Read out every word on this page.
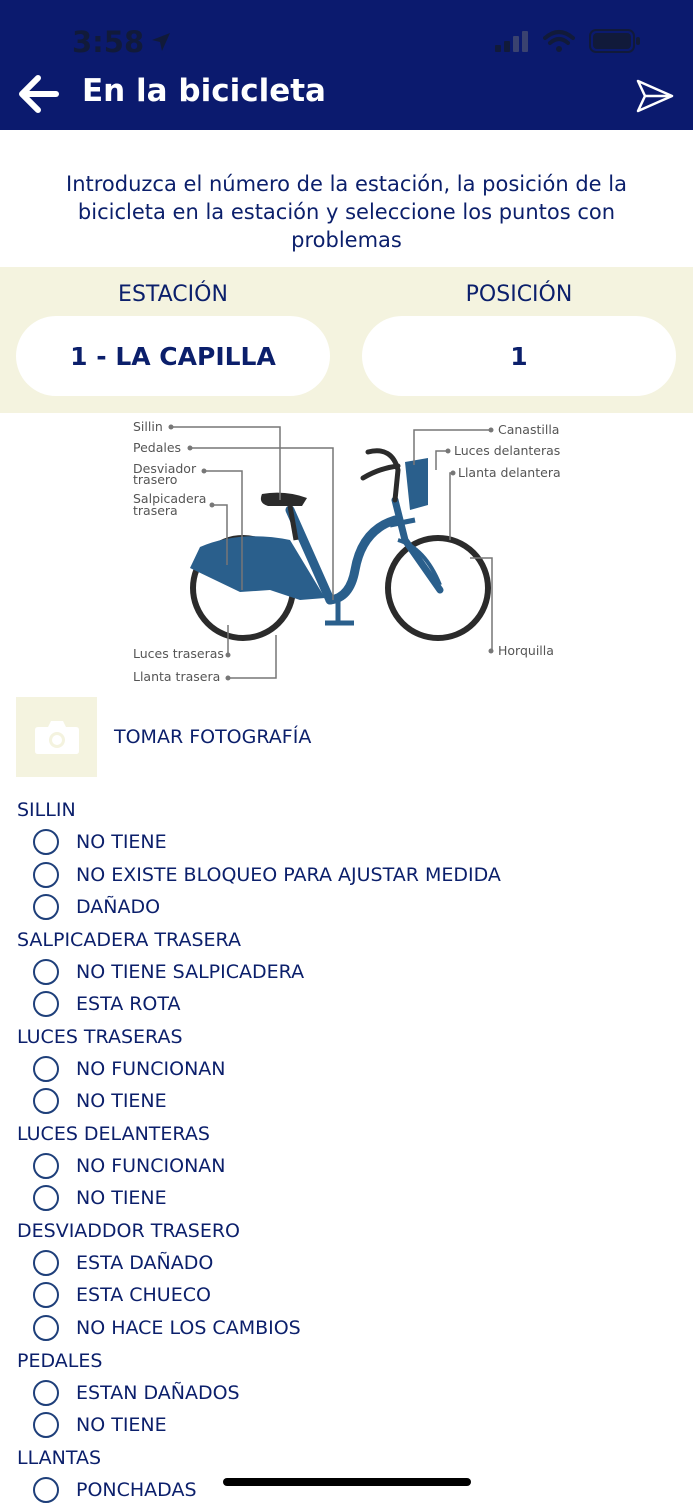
3:58
En la bicicleta
Introduzca el número de la estación, la posición de la bicicleta en la estación y seleccione los puntos con problemas
ESTACIÓN	POSICIÓN
1 - LA CAPILLA	1
Sillin
Pedales
Desviador
trasero
Salpicadera
trasera
Luces traseras
Llanta trasera
Canastilla
Luces delanteras
Llanta delantera
Horquilla
TOMAR FOTOGRAFÍA
SILLIN
NO TIENE
NO EXISTE BLOQUEO PARA AJUSTAR MEDIDA
DAÑADO
SALPICADERA TRASERA
NO TIENE SALPICADERA
ESTA ROTA
LUCES TRASERAS
NO FUNCIONAN
NO TIENE
LUCES DELANTERAS
NO FUNCIONAN
NO TIENE
DESVIADDOR TRASERO
ESTA DAÑADO
ESTA CHUECO
NO HACE LOS CAMBIOS
PEDALES
ESTAN DAÑADOS
NO TIENE
LLANTAS
PONCHADAS
